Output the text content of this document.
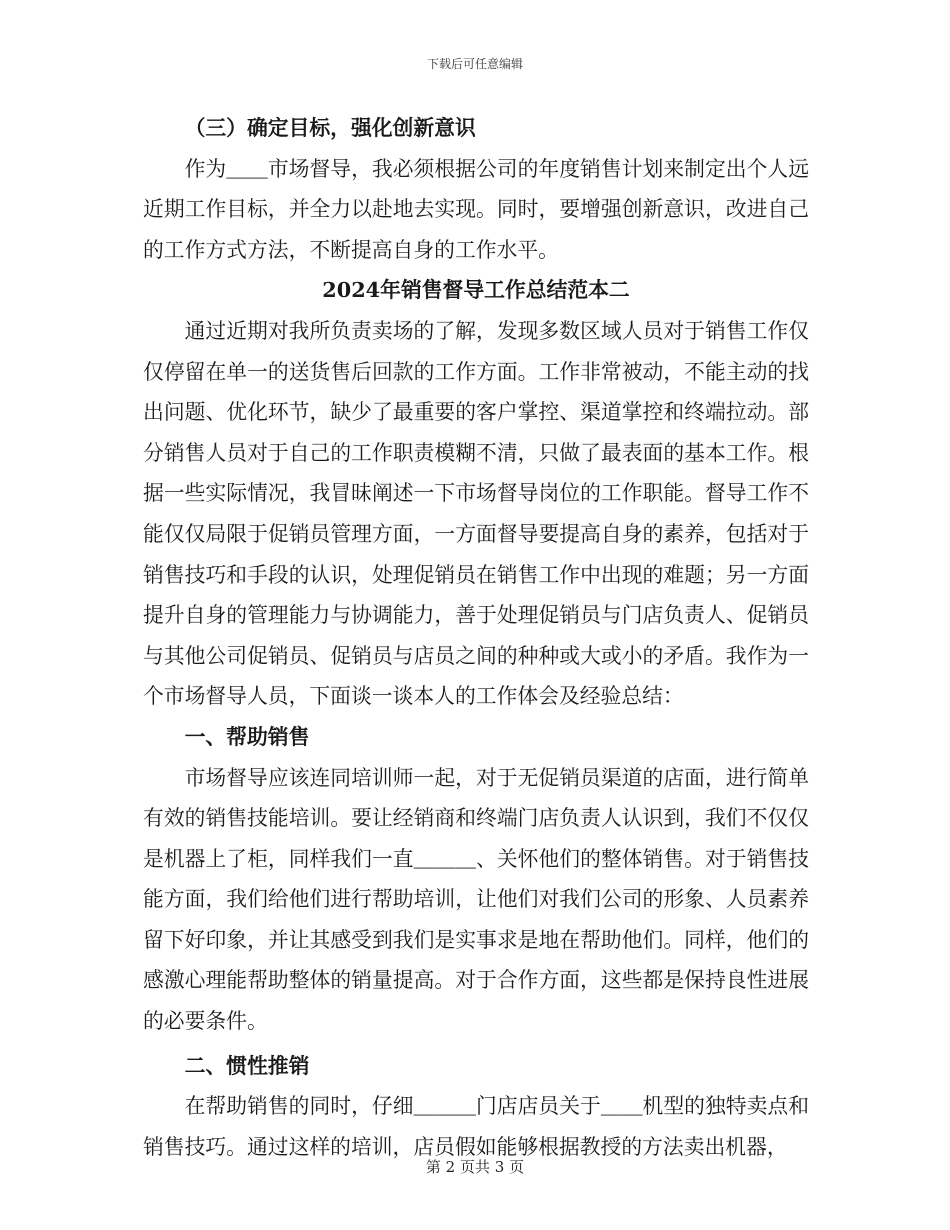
下载后可任意编辑

（三）确定目标，强化创新意识

作为＿＿市场督导，我必须根据公司的年度销售计划来制定出个人远近期工作目标，并全力以赴地去实现。同时，要增强创新意识，改进自己的工作方式方法，不断提高自身的工作水平。

2024年销售督导工作总结范本二

通过近期对我所负责卖场的了解，发现多数区域人员对于销售工作仅仅停留在单一的送货售后回款的工作方面。工作非常被动，不能主动的找出问题、优化环节，缺少了最重要的客户掌控、渠道掌控和终端拉动。部分销售人员对于自己的工作职责模糊不清，只做了最表面的基本工作。根据一些实际情况，我冒昧阐述一下市场督导岗位的工作职能。督导工作不能仅仅局限于促销员管理方面，一方面督导要提高自身的素养，包括对于销售技巧和手段的认识，处理促销员在销售工作中出现的难题；另一方面提升自身的管理能力与协调能力，善于处理促销员与门店负责人、促销员与其他公司促销员、促销员与店员之间的种种或大或小的矛盾。我作为一个市场督导人员，下面谈一谈本人的工作体会及经验总结：

一、帮助销售

市场督导应该连同培训师一起，对于无促销员渠道的店面，进行简单有效的销售技能培训。要让经销商和终端门店负责人认识到，我们不仅仅是机器上了柜，同样我们一直＿＿＿、关怀他们的整体销售。对于销售技能方面，我们给他们进行帮助培训，让他们对我们公司的形象、人员素养留下好印象，并让其感受到我们是实事求是地在帮助他们。同样，他们的感激心理能帮助整体的销量提高。对于合作方面，这些都是保持良性进展的必要条件。

二、惯性推销

在帮助销售的同时，仔细＿＿＿门店店员关于＿＿机型的独特卖点和销售技巧。通过这样的培训，店员假如能够根据教授的方法卖出机器，

第 2 页共 3 页
